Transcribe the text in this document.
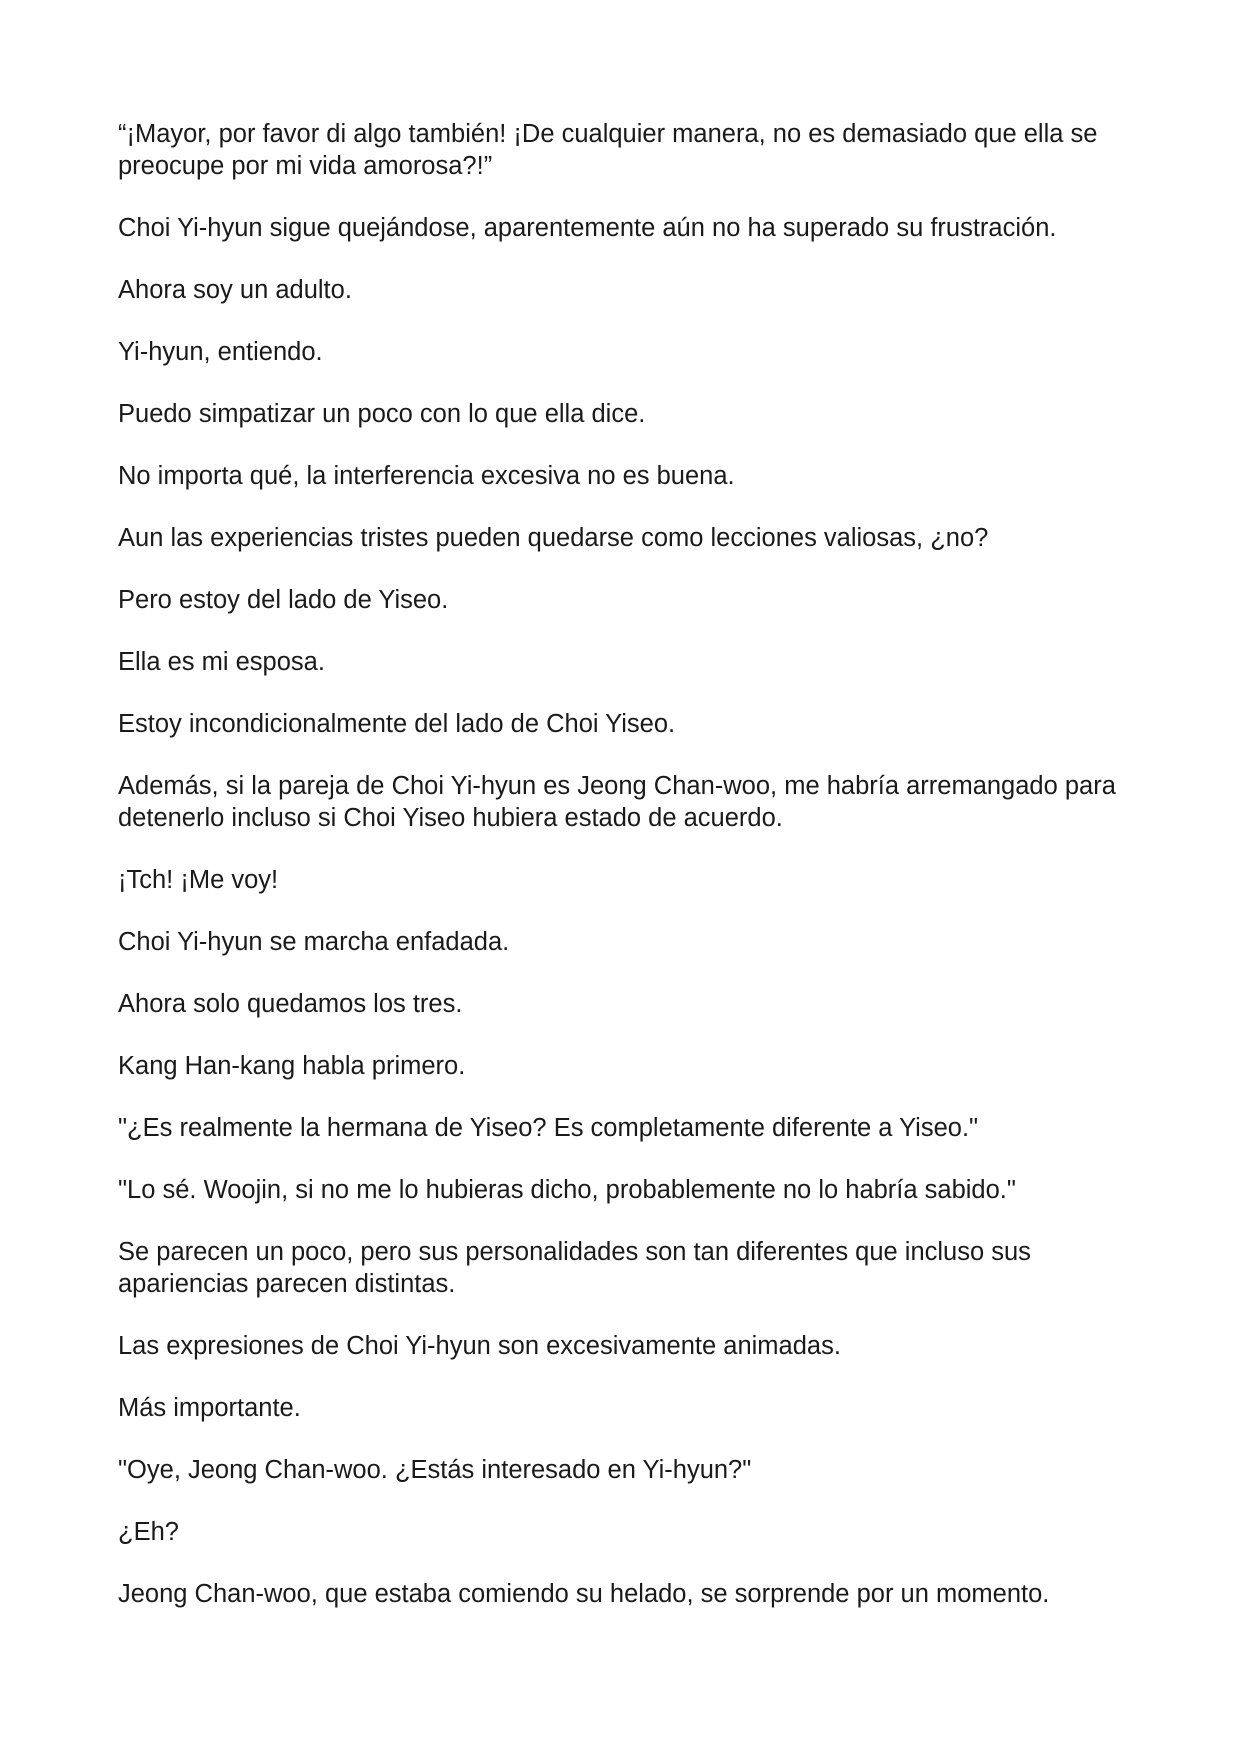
“¡Mayor, por favor di algo también! ¡De cualquier manera, no es demasiado que ella se preocupe por mi vida amorosa?!”

Choi Yi-hyun sigue quejándose, aparentemente aún no ha superado su frustración.

Ahora soy un adulto.

Yi-hyun, entiendo.

Puedo simpatizar un poco con lo que ella dice.

No importa qué, la interferencia excesiva no es buena.

Aun las experiencias tristes pueden quedarse como lecciones valiosas, ¿no?

Pero estoy del lado de Yiseo.

Ella es mi esposa.

Estoy incondicionalmente del lado de Choi Yiseo.

Además, si la pareja de Choi Yi-hyun es Jeong Chan-woo, me habría arremangado para detenerlo incluso si Choi Yiseo hubiera estado de acuerdo.

¡Tch! ¡Me voy!

Choi Yi-hyun se marcha enfadada.

Ahora solo quedamos los tres.

Kang Han-kang habla primero.

"¿Es realmente la hermana de Yiseo? Es completamente diferente a Yiseo."

"Lo sé. Woojin, si no me lo hubieras dicho, probablemente no lo habría sabido."

Se parecen un poco, pero sus personalidades son tan diferentes que incluso sus apariencias parecen distintas.

Las expresiones de Choi Yi-hyun son excesivamente animadas.

Más importante.

"Oye, Jeong Chan-woo. ¿Estás interesado en Yi-hyun?"

¿Eh?

Jeong Chan-woo, que estaba comiendo su helado, se sorprende por un momento.
